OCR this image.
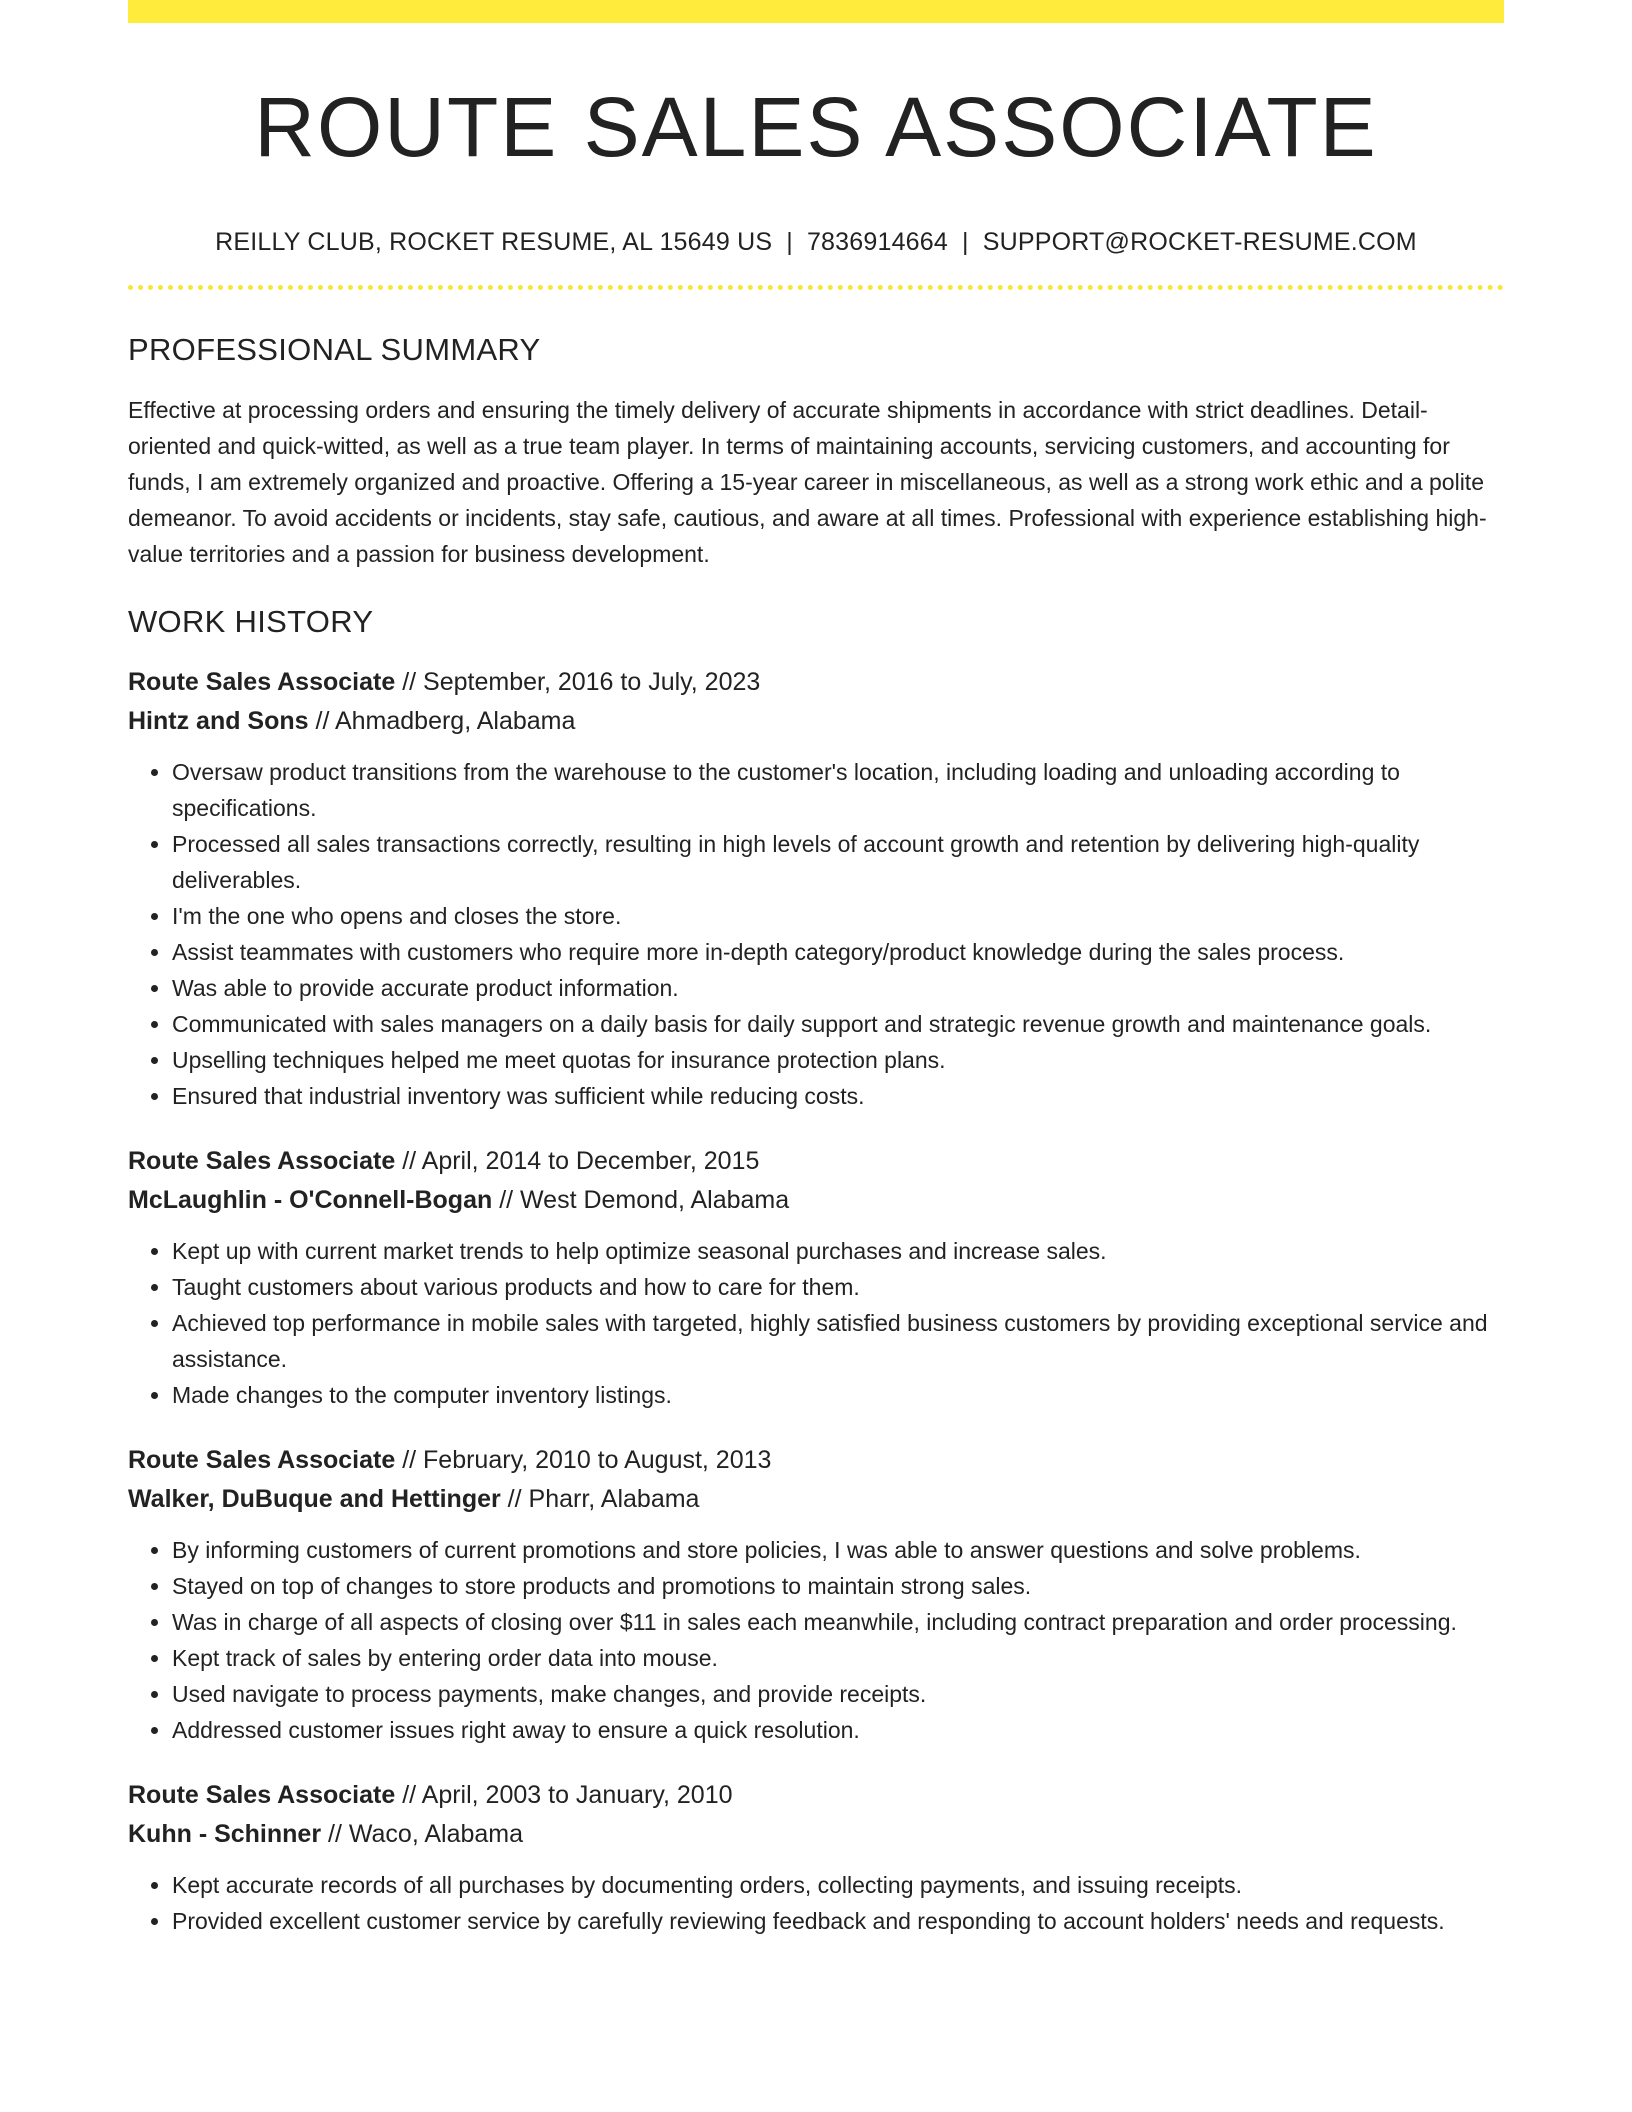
ROUTE SALES ASSOCIATE
REILLY CLUB, ROCKET RESUME, AL 15649 US | 7836914664 | SUPPORT@ROCKET-RESUME.COM
PROFESSIONAL SUMMARY

Effective at processing orders and ensuring the timely delivery of accurate shipments in accordance with strict deadlines. Detail-oriented and quick-witted, as well as a true team player. In terms of maintaining accounts, servicing customers, and accounting for funds, I am extremely organized and proactive. Offering a 15-year career in miscellaneous, as well as a strong work ethic and a polite demeanor. To avoid accidents or incidents, stay safe, cautious, and aware at all times. Professional with experience establishing high-value territories and a passion for business development.

WORK HISTORY
Route Sales Associate // September, 2016 to July, 2023
Hintz and Sons // Ahmadberg, Alabama
• Oversaw product transitions from the warehouse to the customer's location, including loading and unloading according to specifications.
• Processed all sales transactions correctly, resulting in high levels of account growth and retention by delivering high-quality deliverables.
• I'm the one who opens and closes the store.
• Assist teammates with customers who require more in-depth category/product knowledge during the sales process.
• Was able to provide accurate product information.
• Communicated with sales managers on a daily basis for daily support and strategic revenue growth and maintenance goals.
• Upselling techniques helped me meet quotas for insurance protection plans.
• Ensured that industrial inventory was sufficient while reducing costs.
Route Sales Associate // April, 2014 to December, 2015
McLaughlin - O'Connell-Bogan // West Demond, Alabama
• Kept up with current market trends to help optimize seasonal purchases and increase sales.
• Taught customers about various products and how to care for them.
• Achieved top performance in mobile sales with targeted, highly satisfied business customers by providing exceptional service and assistance.
• Made changes to the computer inventory listings.
Route Sales Associate // February, 2010 to August, 2013
Walker, DuBuque and Hettinger // Pharr, Alabama
• By informing customers of current promotions and store policies, I was able to answer questions and solve problems.
• Stayed on top of changes to store products and promotions to maintain strong sales.
• Was in charge of all aspects of closing over $11 in sales each meanwhile, including contract preparation and order processing.
• Kept track of sales by entering order data into mouse.
• Used navigate to process payments, make changes, and provide receipts.
• Addressed customer issues right away to ensure a quick resolution.
Route Sales Associate // April, 2003 to January, 2010
Kuhn - Schinner // Waco, Alabama
• Kept accurate records of all purchases by documenting orders, collecting payments, and issuing receipts.
• Provided excellent customer service by carefully reviewing feedback and responding to account holders' needs and requests.
